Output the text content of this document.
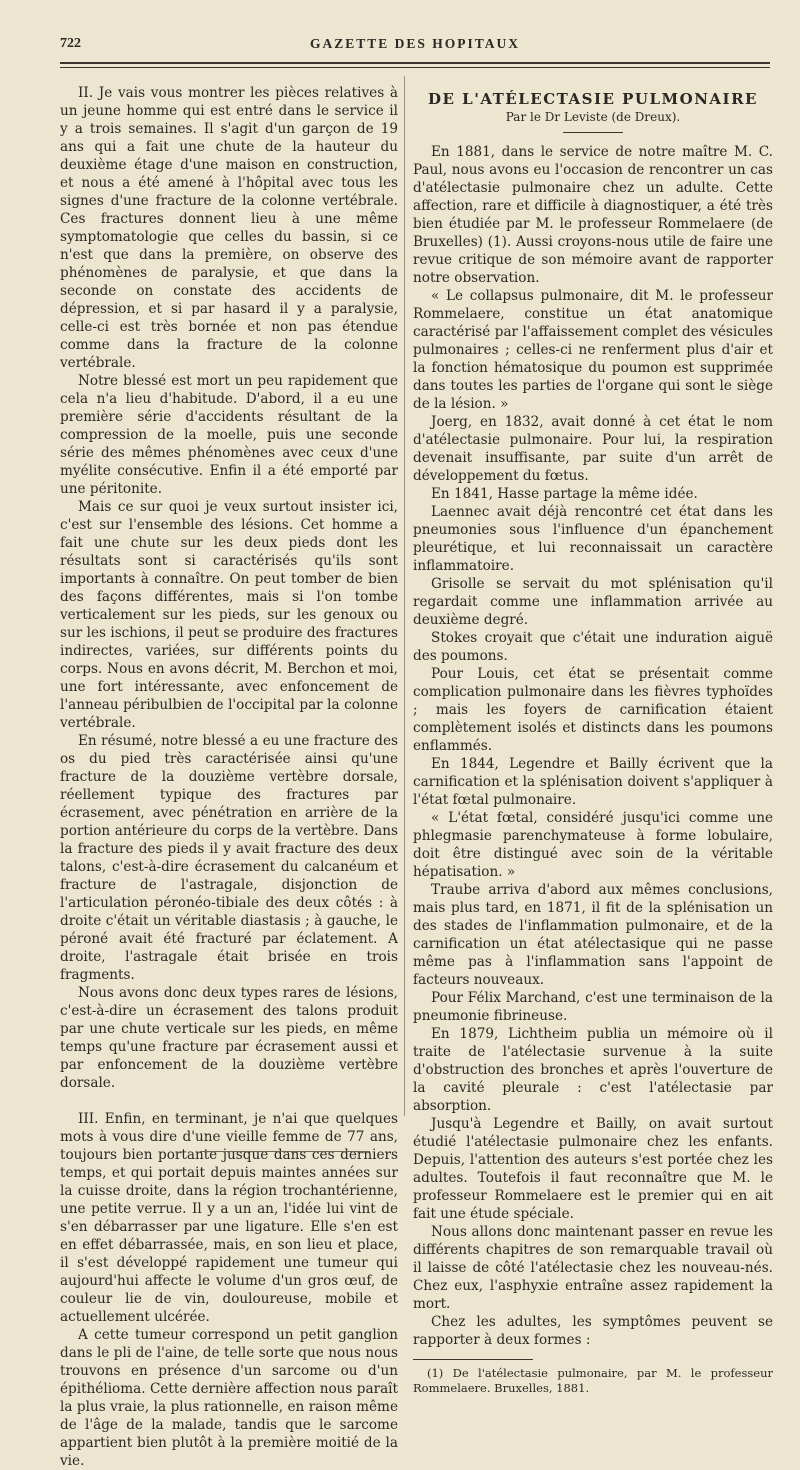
722	GAZETTE DES HOPITAUX

II. Je vais vous montrer les pièces relatives à un jeune homme qui est entré dans le service il y a trois semaines. Il s'agit d'un garçon de 19 ans qui a fait une chute de la hauteur du deuxième étage d'une maison en construction, et nous a été amené à l'hôpital avec tous les signes d'une fracture de la colonne vertébrale. Ces fractures donnent lieu à une même symptomatologie que celles du bassin, si ce n'est que dans la première, on observe des phénomènes de paralysie, et que dans la seconde on constate des accidents de dépression, et si par hasard il y a paralysie, celle-ci est très bornée et non pas étendue comme dans la fracture de la colonne vertébrale.

Notre blessé est mort un peu rapidement que cela n'a lieu d'habitude. D'abord, il a eu une première série d'accidents résultant de la compression de la moelle, puis une seconde série des mêmes phénomènes avec ceux d'une myélite consécutive. Enfin il a été emporté par une péritonite.

Mais ce sur quoi je veux surtout insister ici, c'est sur l'ensemble des lésions. Cet homme a fait une chute sur les deux pieds dont les résultats sont si caractérisés qu'ils sont importants à connaître. On peut tomber de bien des façons différentes, mais si l'on tombe verticalement sur les pieds, sur les genoux ou sur les ischions, il peut se produire des fractures indirectes, variées, sur différents points du corps. Nous en avons décrit, M. Berchon et moi, une fort intéressante, avec enfoncement de l'anneau péribulbien de l'occipital par la colonne vertébrale.

En résumé, notre blessé a eu une fracture des os du pied très caractérisée ainsi qu'une fracture de la douzième vertèbre dorsale, réellement typique des fractures par écrasement, avec pénétration en arrière de la portion antérieure du corps de la vertèbre. Dans la fracture des pieds il y avait fracture des deux talons, c'est-à-dire écrasement du calcanéum et fracture de l'astragale, disjonction de l'articulation péronéo-tibiale des deux côtés : à droite c'était un véritable diastasis ; à gauche, le péroné avait été fracturé par éclatement. A droite, l'astragale était brisée en trois fragments.

Nous avons donc deux types rares de lésions, c'est-à-dire un écrasement des talons produit par une chute verticale sur les pieds, en même temps qu'une fracture par écrasement aussi et par enfoncement de la douzième vertèbre dorsale.

III. Enfin, en terminant, je n'ai que quelques mots à vous dire d'une vieille femme de 77 ans, toujours bien portante jusque dans ces derniers temps, et qui portait depuis maintes années sur la cuisse droite, dans la région trochantérienne, une petite verrue. Il y a un an, l'idée lui vint de s'en débarrasser par une ligature. Elle s'en est en effet débarrassée, mais, en son lieu et place, il s'est développé rapidement une tumeur qui aujourd'hui affecte le volume d'un gros œuf, de couleur lie de vin, douloureuse, mobile et actuellement ulcérée.

A cette tumeur correspond un petit ganglion dans le pli de l'aine, de telle sorte que nous nous trouvons en présence d'un sarcome ou d'un épithélioma. Cette dernière affection nous paraît la plus vraie, la plus rationnelle, en raison même de l'âge de la malade, tandis que le sarcome appartient bien plutôt à la première moitié de la vie.

DE L'ATÉLECTASIE PULMONAIRE
Par le Dr Leviste (de Dreux).

En 1881, dans le service de notre maître M. C. Paul, nous avons eu l'occasion de rencontrer un cas d'atélectasie pulmonaire chez un adulte. Cette affection, rare et difficile à diagnostiquer, a été très bien étudiée par M. le professeur Rommelaere (de Bruxelles) (1). Aussi croyons-nous utile de faire une revue critique de son mémoire avant de rapporter notre observation.

« Le collapsus pulmonaire, dit M. le professeur Rommelaere, constitue un état anatomique caractérisé par l'affaissement complet des vésicules pulmonaires ; celles-ci ne renferment plus d'air et la fonction hématosique du poumon est supprimée dans toutes les parties de l'organe qui sont le siège de la lésion. »

Joerg, en 1832, avait donné à cet état le nom d'atélectasie pulmonaire. Pour lui, la respiration devenait insuffisante, par suite d'un arrêt de développement du fœtus.

En 1841, Hasse partage la même idée.

Laennec avait déjà rencontré cet état dans les pneumonies sous l'influence d'un épanchement pleurétique, et lui reconnaissait un caractère inflammatoire.

Grisolle se servait du mot splénisation qu'il regardait comme une inflammation arrivée au deuxième degré.

Stokes croyait que c'était une induration aiguë des poumons.

Pour Louis, cet état se présentait comme complication pulmonaire dans les fièvres typhoïdes ; mais les foyers de carnification étaient complètement isolés et distincts dans les poumons enflammés.

En 1844, Legendre et Bailly écrivent que la carnification et la splénisation doivent s'appliquer à l'état fœtal pulmonaire.

« L'état fœtal, considéré jusqu'ici comme une phlegmasie parenchymateuse à forme lobulaire, doit être distingué avec soin de la véritable hépatisation. »

Traube arriva d'abord aux mêmes conclusions, mais plus tard, en 1871, il fit de la splénisation un des stades de l'inflammation pulmonaire, et de la carnification un état atélectasique qui ne passe même pas à l'inflammation sans l'appoint de facteurs nouveaux.

Pour Félix Marchand, c'est une terminaison de la pneumonie fibrineuse.

En 1879, Lichtheim publia un mémoire où il traite de l'atélectasie survenue à la suite d'obstruction des bronches et après l'ouverture de la cavité pleurale : c'est l'atélectasie par absorption.

Jusqu'à Legendre et Bailly, on avait surtout étudié l'atélectasie pulmonaire chez les enfants. Depuis, l'attention des auteurs s'est portée chez les adultes. Toutefois il faut reconnaître que M. le professeur Rommelaere est le premier qui en ait fait une étude spéciale.

Nous allons donc maintenant passer en revue les différents chapitres de son remarquable travail où il laisse de côté l'atélectasie chez les nouveau-nés. Chez eux, l'asphyxie entraîne assez rapidement la mort.

Chez les adultes, les symptômes peuvent se rapporter à deux formes :

(1) De l'atélectasie pulmonaire, par M. le professeur Rommelaere. Bruxelles, 1881.
